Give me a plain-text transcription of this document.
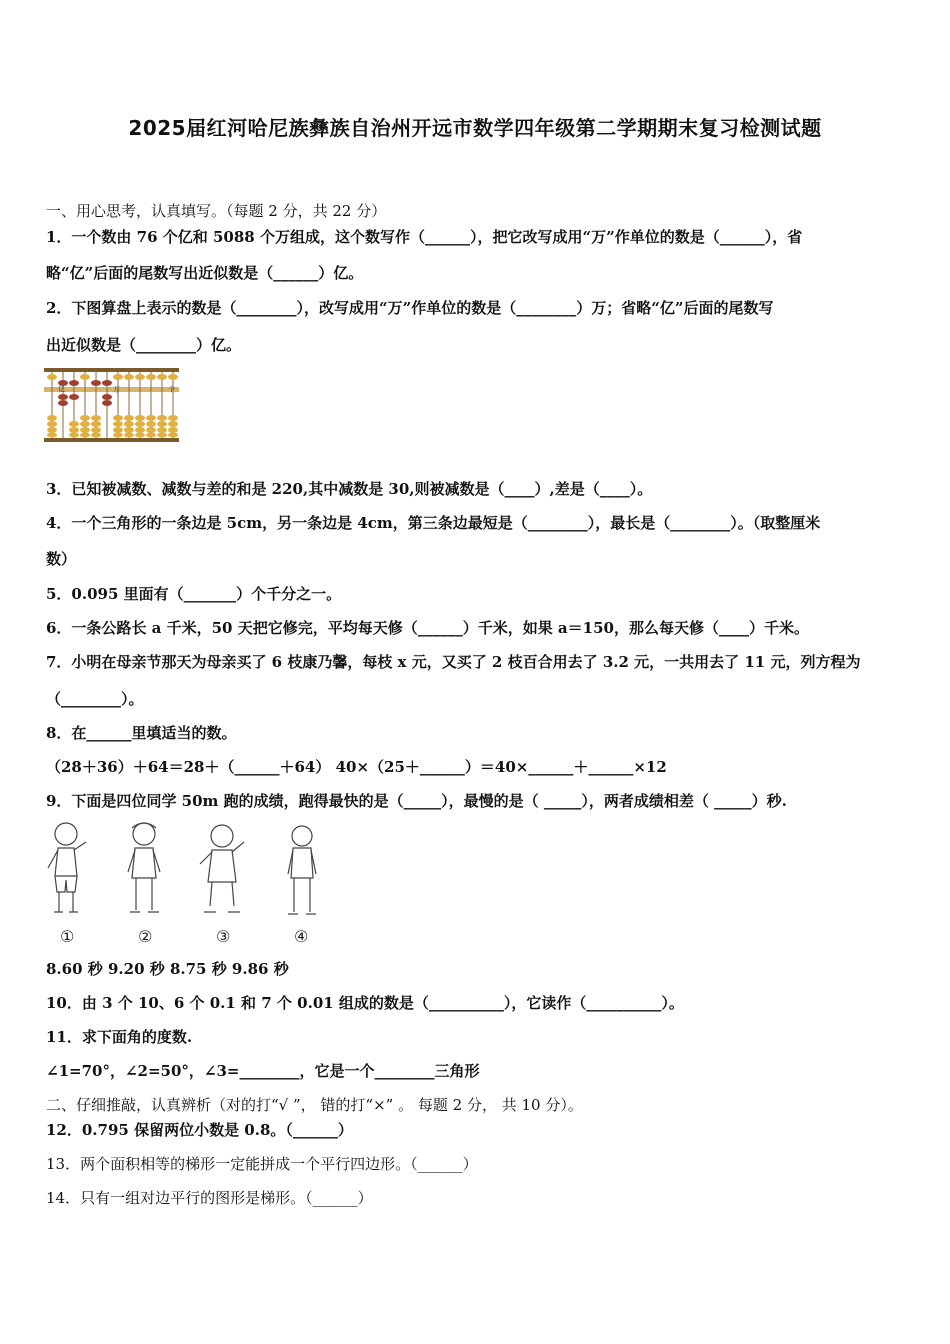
2025届红河哈尼族彝族自治州开远市数学四年级第二学期期末复习检测试题
一、用心思考，认真填写。（每题 2 分，共 22 分）
1．一个数由 76 个亿和 5088 个万组成，这个数写作（______），把它改写成用“万”作单位的数是（______），省
略“亿”后面的尾数写出近似数是（______）亿。
2．下图算盘上表示的数是（________），改写成用“万”作单位的数是（________）万；省略“亿”后面的尾数写
出近似数是（________）亿。
亿	万	个
3．已知被减数、减数与差的和是 220,其中减数是 30,则被减数是（____）,差是（____）。
4．一个三角形的一条边是 5cm，另一条边是 4cm，第三条边最短是（________），最长是（________）。（取整厘米
数）
5．0.095 里面有（_______）个千分之一。
6．一条公路长 a 千米，50 天把它修完，平均每天修（______）千米，如果 a＝150，那么每天修（____）千米。
7．小明在母亲节那天为母亲买了 6 枝康乃馨，每枝 x 元，又买了 2 枝百合用去了 3.2 元，一共用去了 11 元，列方程为
（________）。
8．在______里填适当的数。
（28＋36）＋64＝28＋（______＋64） 40×（25＋______）＝40×______＋______×12
9．下面是四位同学 50m 跑的成绩，跑得最快的是（_____），最慢的是（ _____），两者成绩相差（ _____）秒.
①	②	③	④
8.60 秒 9.20 秒 8.75 秒 9.86 秒
10．由 3 个 10、6 个 0.1 和 7 个 0.01 组成的数是（__________），它读作（__________）。
11．求下面角的度数.
∠1=70°，∠2=50°，∠3=________，它是一个________三角形
二、仔细推敲，认真辨析（对的打“√ ”， 错的打“×” 。 每题 2 分， 共 10 分）。
12．0.795 保留两位小数是 0.8。（______）
13．两个面积相等的梯形一定能拼成一个平行四边形。（______）
14．只有一组对边平行的图形是梯形。（______）
